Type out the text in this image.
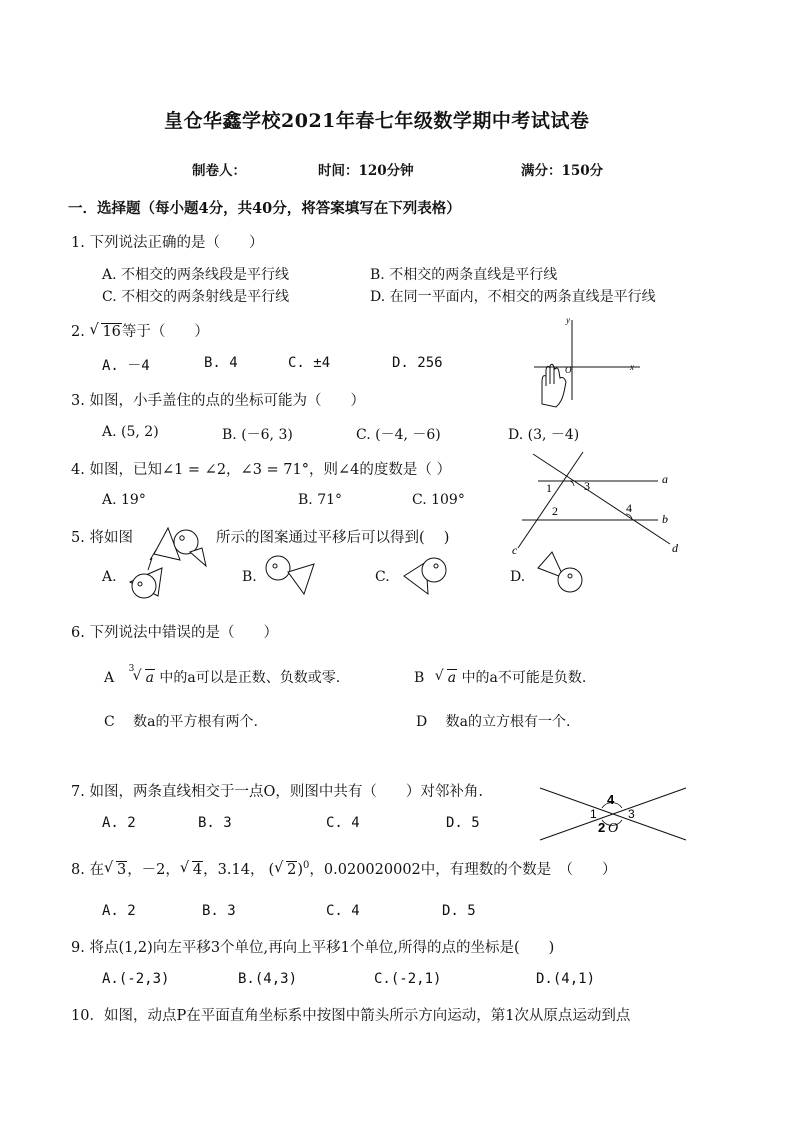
皇仓华鑫学校2021年春七年级数学期中考试试卷
制卷人：	时间：120分钟	满分：150分
一．选择题（每小题4分，共40分，将答案填写在下列表格）
1. 下列说法正确的是（　　）
A. 不相交的两条线段是平行线	B. 不相交的两条直线是平行线
C. 不相交的两条射线是平行线	D. 在同一平面内，不相交的两条直线是平行线
2. √ 16等于（　　）
A. －4	B. 4	C. ±4	D. 256
y
x
O
3. 如图，小手盖住的点的坐标可能为（　　）
A. (5, 2)	B. (－6, 3)	C. (－4, －6)	D. (3, －4)
4. 如图，已知∠1 = ∠2，∠3 = 71°，则∠4的度数是（ ）
A. 19°	B. 71°	C. 109°
1
2
3
4
a
b
c	d
5. 将如图	所示的图案通过平移后可以得到(　 )
A.	B.	C.	D.
6. 下列说法中错误的是（　　）
A
3
√ a 中的a可以是正数、负数或零.	B √ a 中的a不可能是负数.
C　 数a的平方根有两个.	D　 数a的立方根有一个.
7. 如图，两条直线相交于一点O，则图中共有（　　）对邻补角.
A. 2	B. 3	C. 4	D. 5
4
1	3
2 O
8. 在 √ 3，－2， √ 4，3.14， ( √ 2)$^0$，0.020020002中，有理数的个数是　（　　）
A. 2	B. 3	C. 4	D. 5
9. 将点(1,2)向左平移3个单位,再向上平移1个单位,所得的点的坐标是(　　)
A.(-2,3)	B.(4,3)	C.(-2,1)	D.(4,1)
10．如图，动点P在平面直角坐标系中按图中箭头所示方向运动，第1次从原点运动到点
